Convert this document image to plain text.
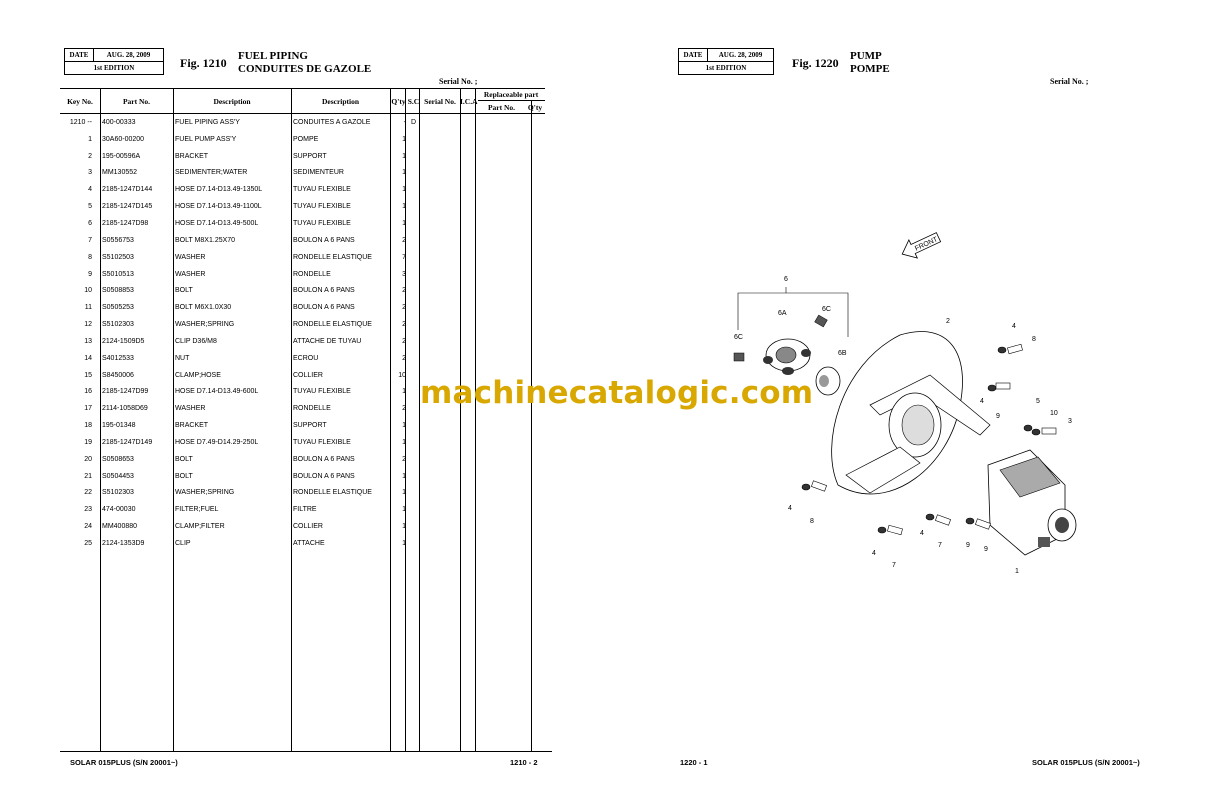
DATE	AUG. 28, 2009
1st EDITION	Fig. 1210 FUEL PIPING
CONDUITES DE GAZOLE
Serial No. ;
Key No.	Part No.	Description	Description	Q'ty	S.C	Serial No.	I.C.A	Replaceable part	
								Part No.	Q'ty
1210 --	400-00333	FUEL PIPING ASS'Y	CONDUITES A GAZOLE	-	D				
1	30A60-00200	FUEL PUMP ASS'Y	POMPE	1					
2	195-00596A	BRACKET	SUPPORT	1					
3	MM130552	SEDIMENTER;WATER	SEDIMENTEUR	1					
4	2185-1247D144	HOSE D7.14-D13.49-1350L	TUYAU FLEXIBLE	1					
5	2185-1247D145	HOSE D7.14-D13.49-1100L	TUYAU FLEXIBLE	1					
6	2185-1247D98	HOSE D7.14-D13.49-500L	TUYAU FLEXIBLE	1					
7	S0556753	BOLT M8X1.25X70	BOULON A 6 PANS	2					
8	S5102503	WASHER	RONDELLE ELASTIQUE	7					
9	S5010513	WASHER	RONDELLE	3					
10	S0508853	BOLT	BOULON A 6 PANS	2					
11	S0505253	BOLT M6X1.0X30	BOULON A 6 PANS	2					
12	S5102303	WASHER;SPRING	RONDELLE ELASTIQUE	2					
13	2124-1509D5	CLIP D36/M8	ATTACHE DE TUYAU	2					
14	S4012533	NUT	ECROU	2					
15	S8450006	CLAMP;HOSE	COLLIER	10					
16	2185-1247D99	HOSE D7.14-D13.49-600L	TUYAU FLEXIBLE	1					
17	2114-1058D69	WASHER	RONDELLE	2					
18	195-01348	BRACKET	SUPPORT	1					
19	2185-1247D149	HOSE D7.49-D14.29-250L	TUYAU FLEXIBLE	1					
20	S0508653	BOLT	BOULON A 6 PANS	2					
21	S0504453	BOLT	BOULON A 6 PANS	1					
22	S5102303	WASHER;SPRING	RONDELLE ELASTIQUE	1					
23	474-00030	FILTER;FUEL	FILTRE	1					
24	MM400880	CLAMP;FILTER	COLLIER	1					
25	2124-1353D9	CLIP	ATTACHE	1					
SOLAR 015PLUS (S/N 20001~)	1210 - 2
DATE	AUG. 28, 2009
1st EDITION	Fig. 1220 PUMP
POMPE
Serial No. ;
FRONT
6
6A
6C
6C
6B
2
4
8
4
9
5
10
3
4
8
4
7
4
7	9
9
1
1220 - 1	SOLAR 015PLUS (S/N 20001~)
machinecatalogic.com
